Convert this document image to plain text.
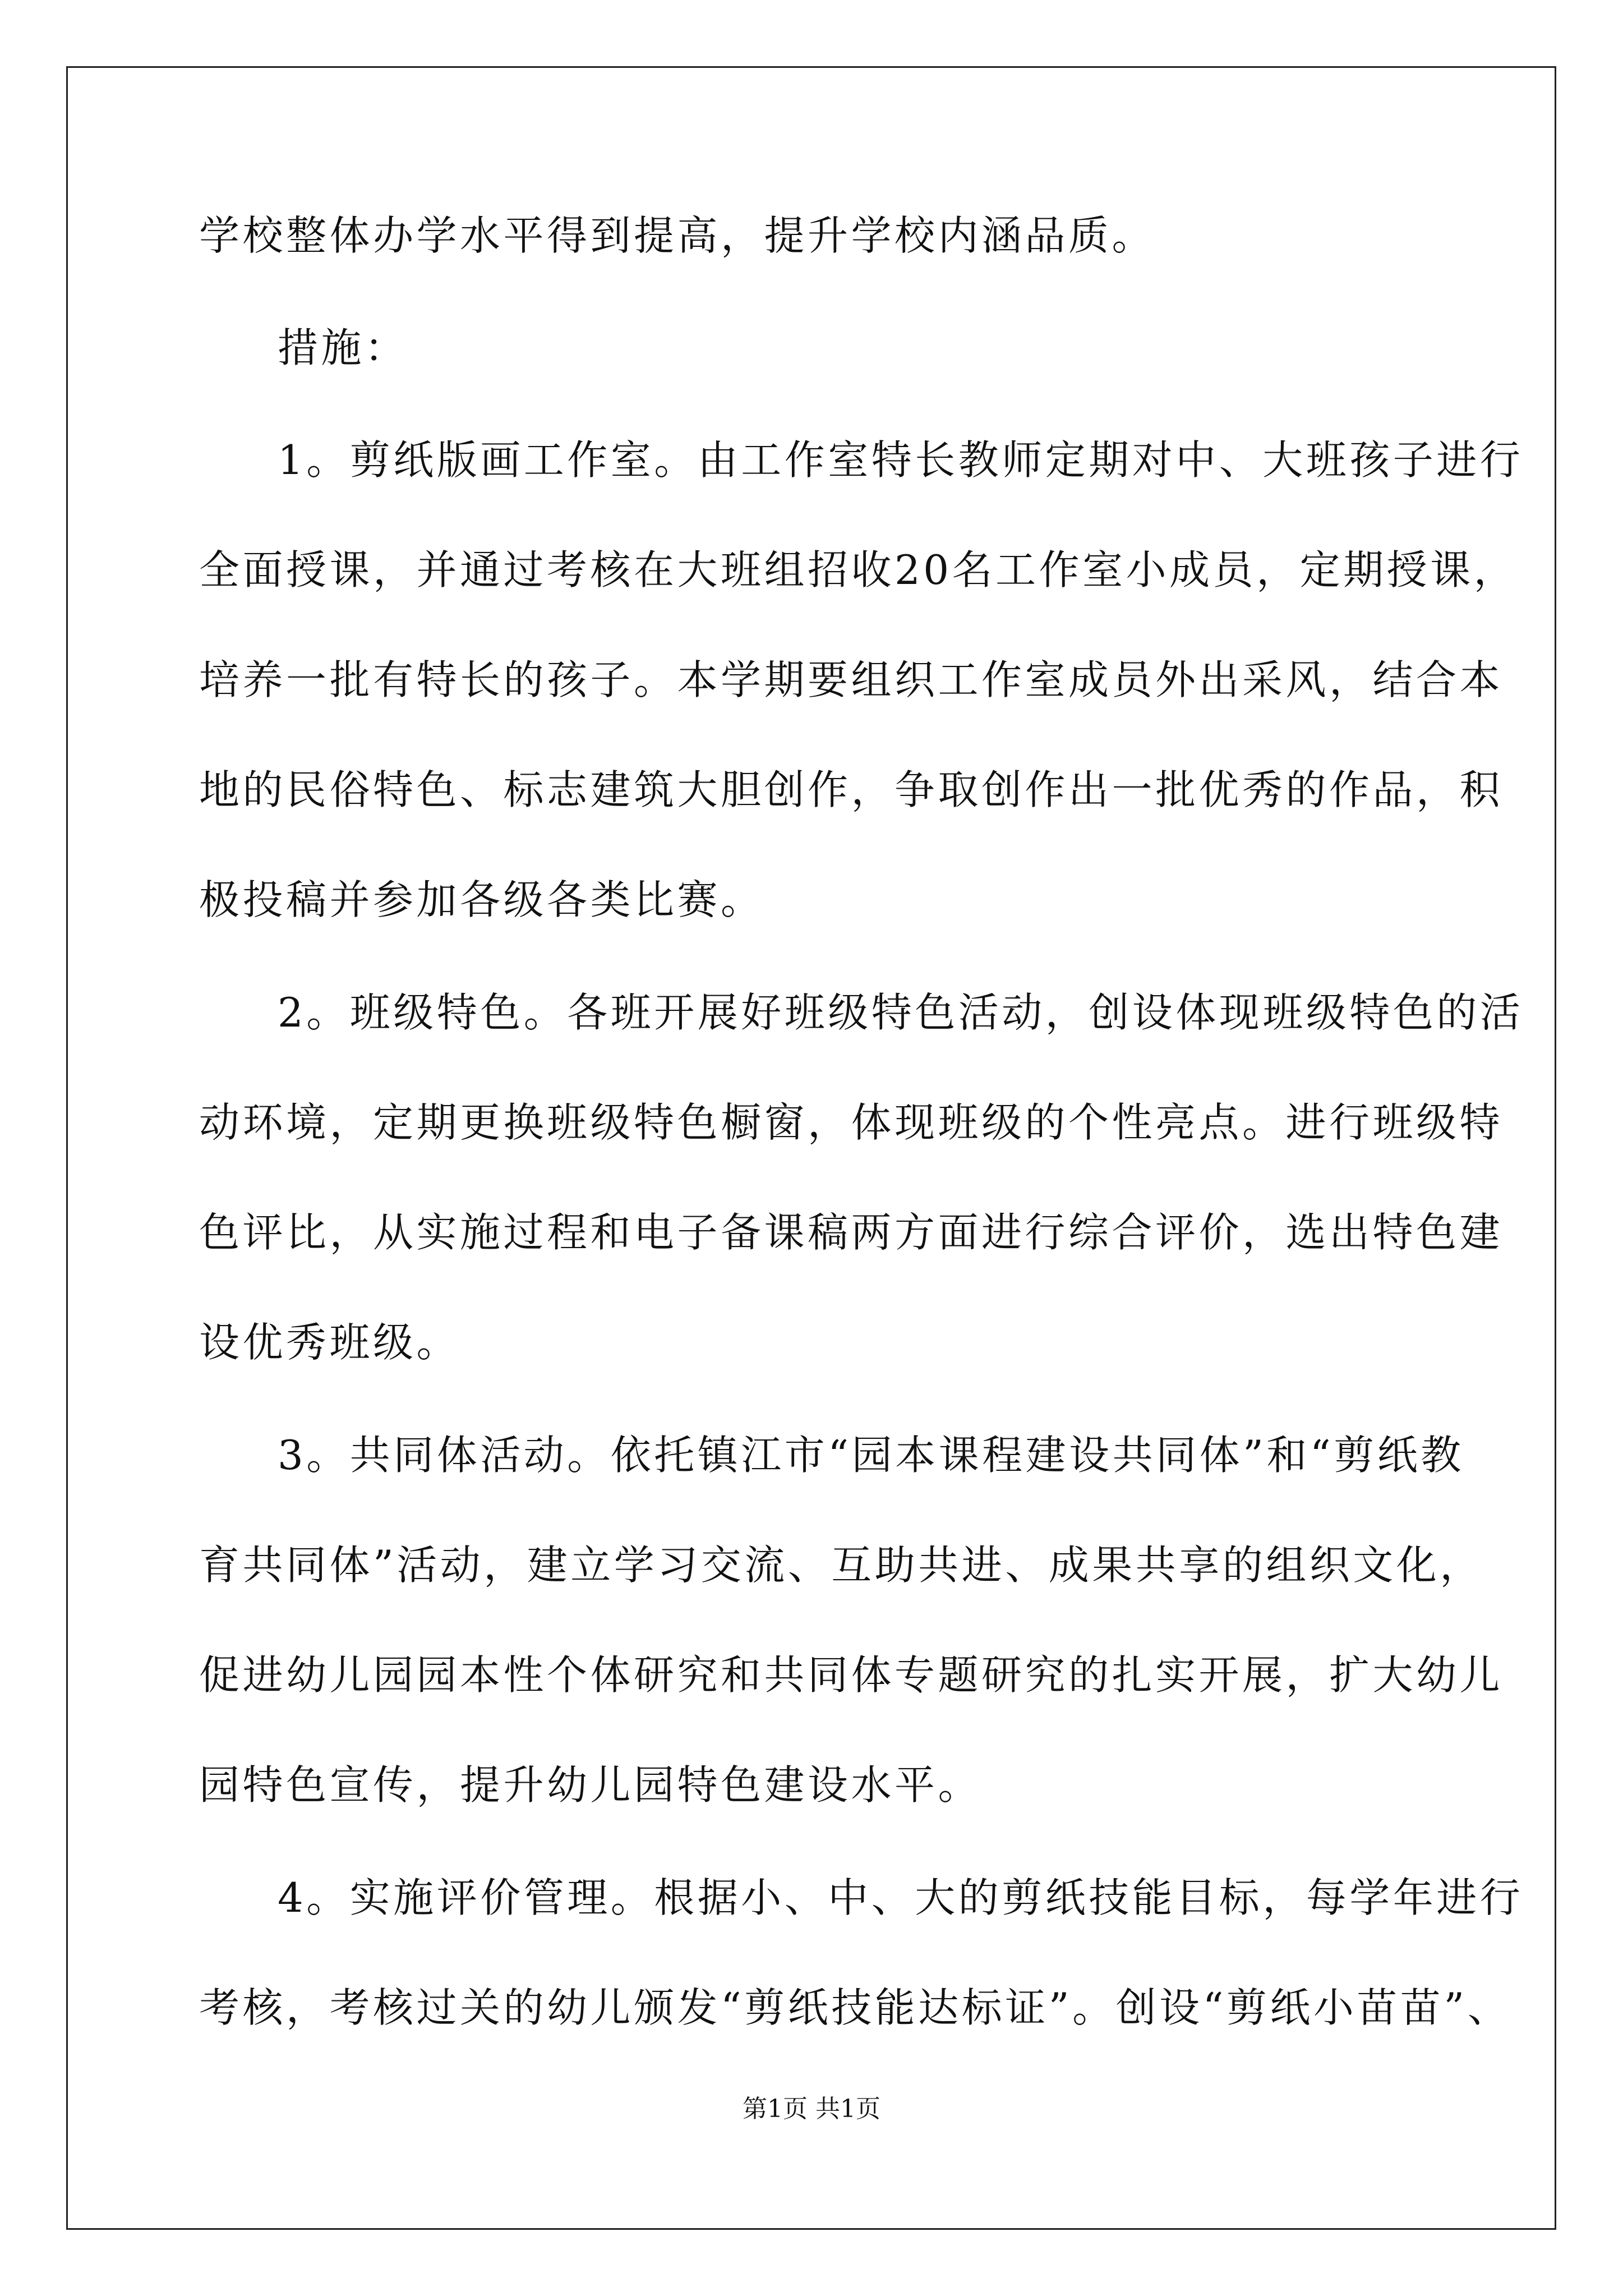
学校整体办学水平得到提高，提升学校内涵品质。
措施：
1。剪纸版画工作室。由工作室特长教师定期对中、大班孩子进行
全面授课，并通过考核在大班组招收20名工作室小成员，定期授课，
培养一批有特长的孩子。本学期要组织工作室成员外出采风，结合本
地的民俗特色、标志建筑大胆创作，争取创作出一批优秀的作品，积
极投稿并参加各级各类比赛。
2。班级特色。各班开展好班级特色活动，创设体现班级特色的活
动环境，定期更换班级特色橱窗，体现班级的个性亮点。进行班级特
色评比，从实施过程和电子备课稿两方面进行综合评价，选出特色建
设优秀班级。
3。共同体活动。依托镇江市“园本课程建设共同体”和“剪纸教
育共同体”活动，建立学习交流、互助共进、成果共享的组织文化，
促进幼儿园园本性个体研究和共同体专题研究的扎实开展，扩大幼儿
园特色宣传，提升幼儿园特色建设水平。
4。实施评价管理。根据小、中、大的剪纸技能目标，每学年进行
考核，考核过关的幼儿颁发“剪纸技能达标证”。创设“剪纸小苗苗”、
第1页 共1页
